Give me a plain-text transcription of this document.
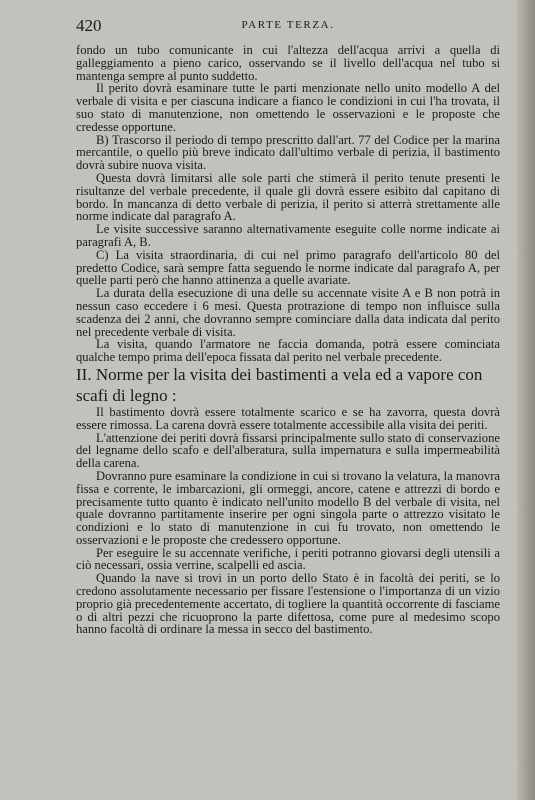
420	PARTE TERZA.

fondo un tubo comunicante in cui l'altezza dell'acqua arrivi a quella di galleggiamento a pieno carico, osservando se il livello dell'acqua nel tubo si mantenga sempre al punto suddetto.

Il perito dovrà esaminare tutte le parti menzionate nello unito modello A del verbale di visita e per ciascuna indicare a fianco le condizioni in cui l'ha trovata, il suo stato di manutenzione, non omettendo le osservazioni e le proposte che credesse opportune.

B) Trascorso il periodo di tempo prescritto dall'art. 77 del Codice per la marina mercantile, o quello più breve indicato dall'ultimo verbale di perizia, il bastimento dovrà subire nuova visita.

Questa dovrà limitarsi alle sole parti che stimerà il perito tenute presenti le risultanze del verbale precedente, il quale gli dovrà essere esibito dal capitano di bordo. In mancanza di detto verbale di perizia, il perito si atterrà strettamente alle norme indicate dal paragrafo A.

Le visite successive saranno alternativamente eseguite colle norme indicate ai paragrafi A, B.

C) La visita straordinaria, di cui nel primo paragrafo dell'articolo 80 del predetto Codice, sarà sempre fatta seguendo le norme indicate dal paragrafo A, per quelle parti però che hanno attinenza a quelle avariate.

La durata della esecuzione di una delle su accennate visite A e B non potrà in nessun caso eccedere i 6 mesi. Questa protrazione di tempo non influisce sulla scadenza dei 2 anni, che dovranno sempre cominciare dalla data indicata dal perito nel precedente verbale di visita.

La visita, quando l'armatore ne faccia domanda, potrà essere cominciata qualche tempo prima dell'epoca fissata dal perito nel verbale precedente.

II. Norme per la visita dei bastimenti a vela ed a vapore con scafi di legno :

Il bastimento dovrà essere totalmente scarico e se ha zavorra, questa dovrà essere rimossa. La carena dovrà essere totalmente accessibile alla visita dei periti.

L'attenzione dei periti dovrà fissarsi principalmente sullo stato di conservazione del legname dello scafo e dell'alberatura, sulla impernatura e sulla impermeabilità della carena.

Dovranno pure esaminare la condizione in cui si trovano la velatura, la manovra fissa e corrente, le imbarcazioni, gli ormeggi, ancore, catene e attrezzi di bordo e precisamente tutto quanto è indicato nell'unito modello B del verbale di visita, nel quale dovranno partitamente inserire per ogni singola parte o attrezzo visitato le condizioni e lo stato di manutenzione in cui fu trovato, non omettendo le osservazioni e le proposte che credessero opportune.

Per eseguire le su accennate verifiche, i periti potranno giovarsi degli utensili a ciò necessari, ossia verrine, scalpelli ed ascia.

Quando la nave si trovi in un porto dello Stato è in facoltà dei periti, se lo credono assolutamente necessario per fissare l'estensione o l'importanza di un vizio proprio già precedentemente accertato, di togliere la quantità occorrente di fasciame o di altri pezzi che ricuoprono la parte difettosa, come pure al medesimo scopo hanno facoltà di ordinare la messa in secco del bastimento.
